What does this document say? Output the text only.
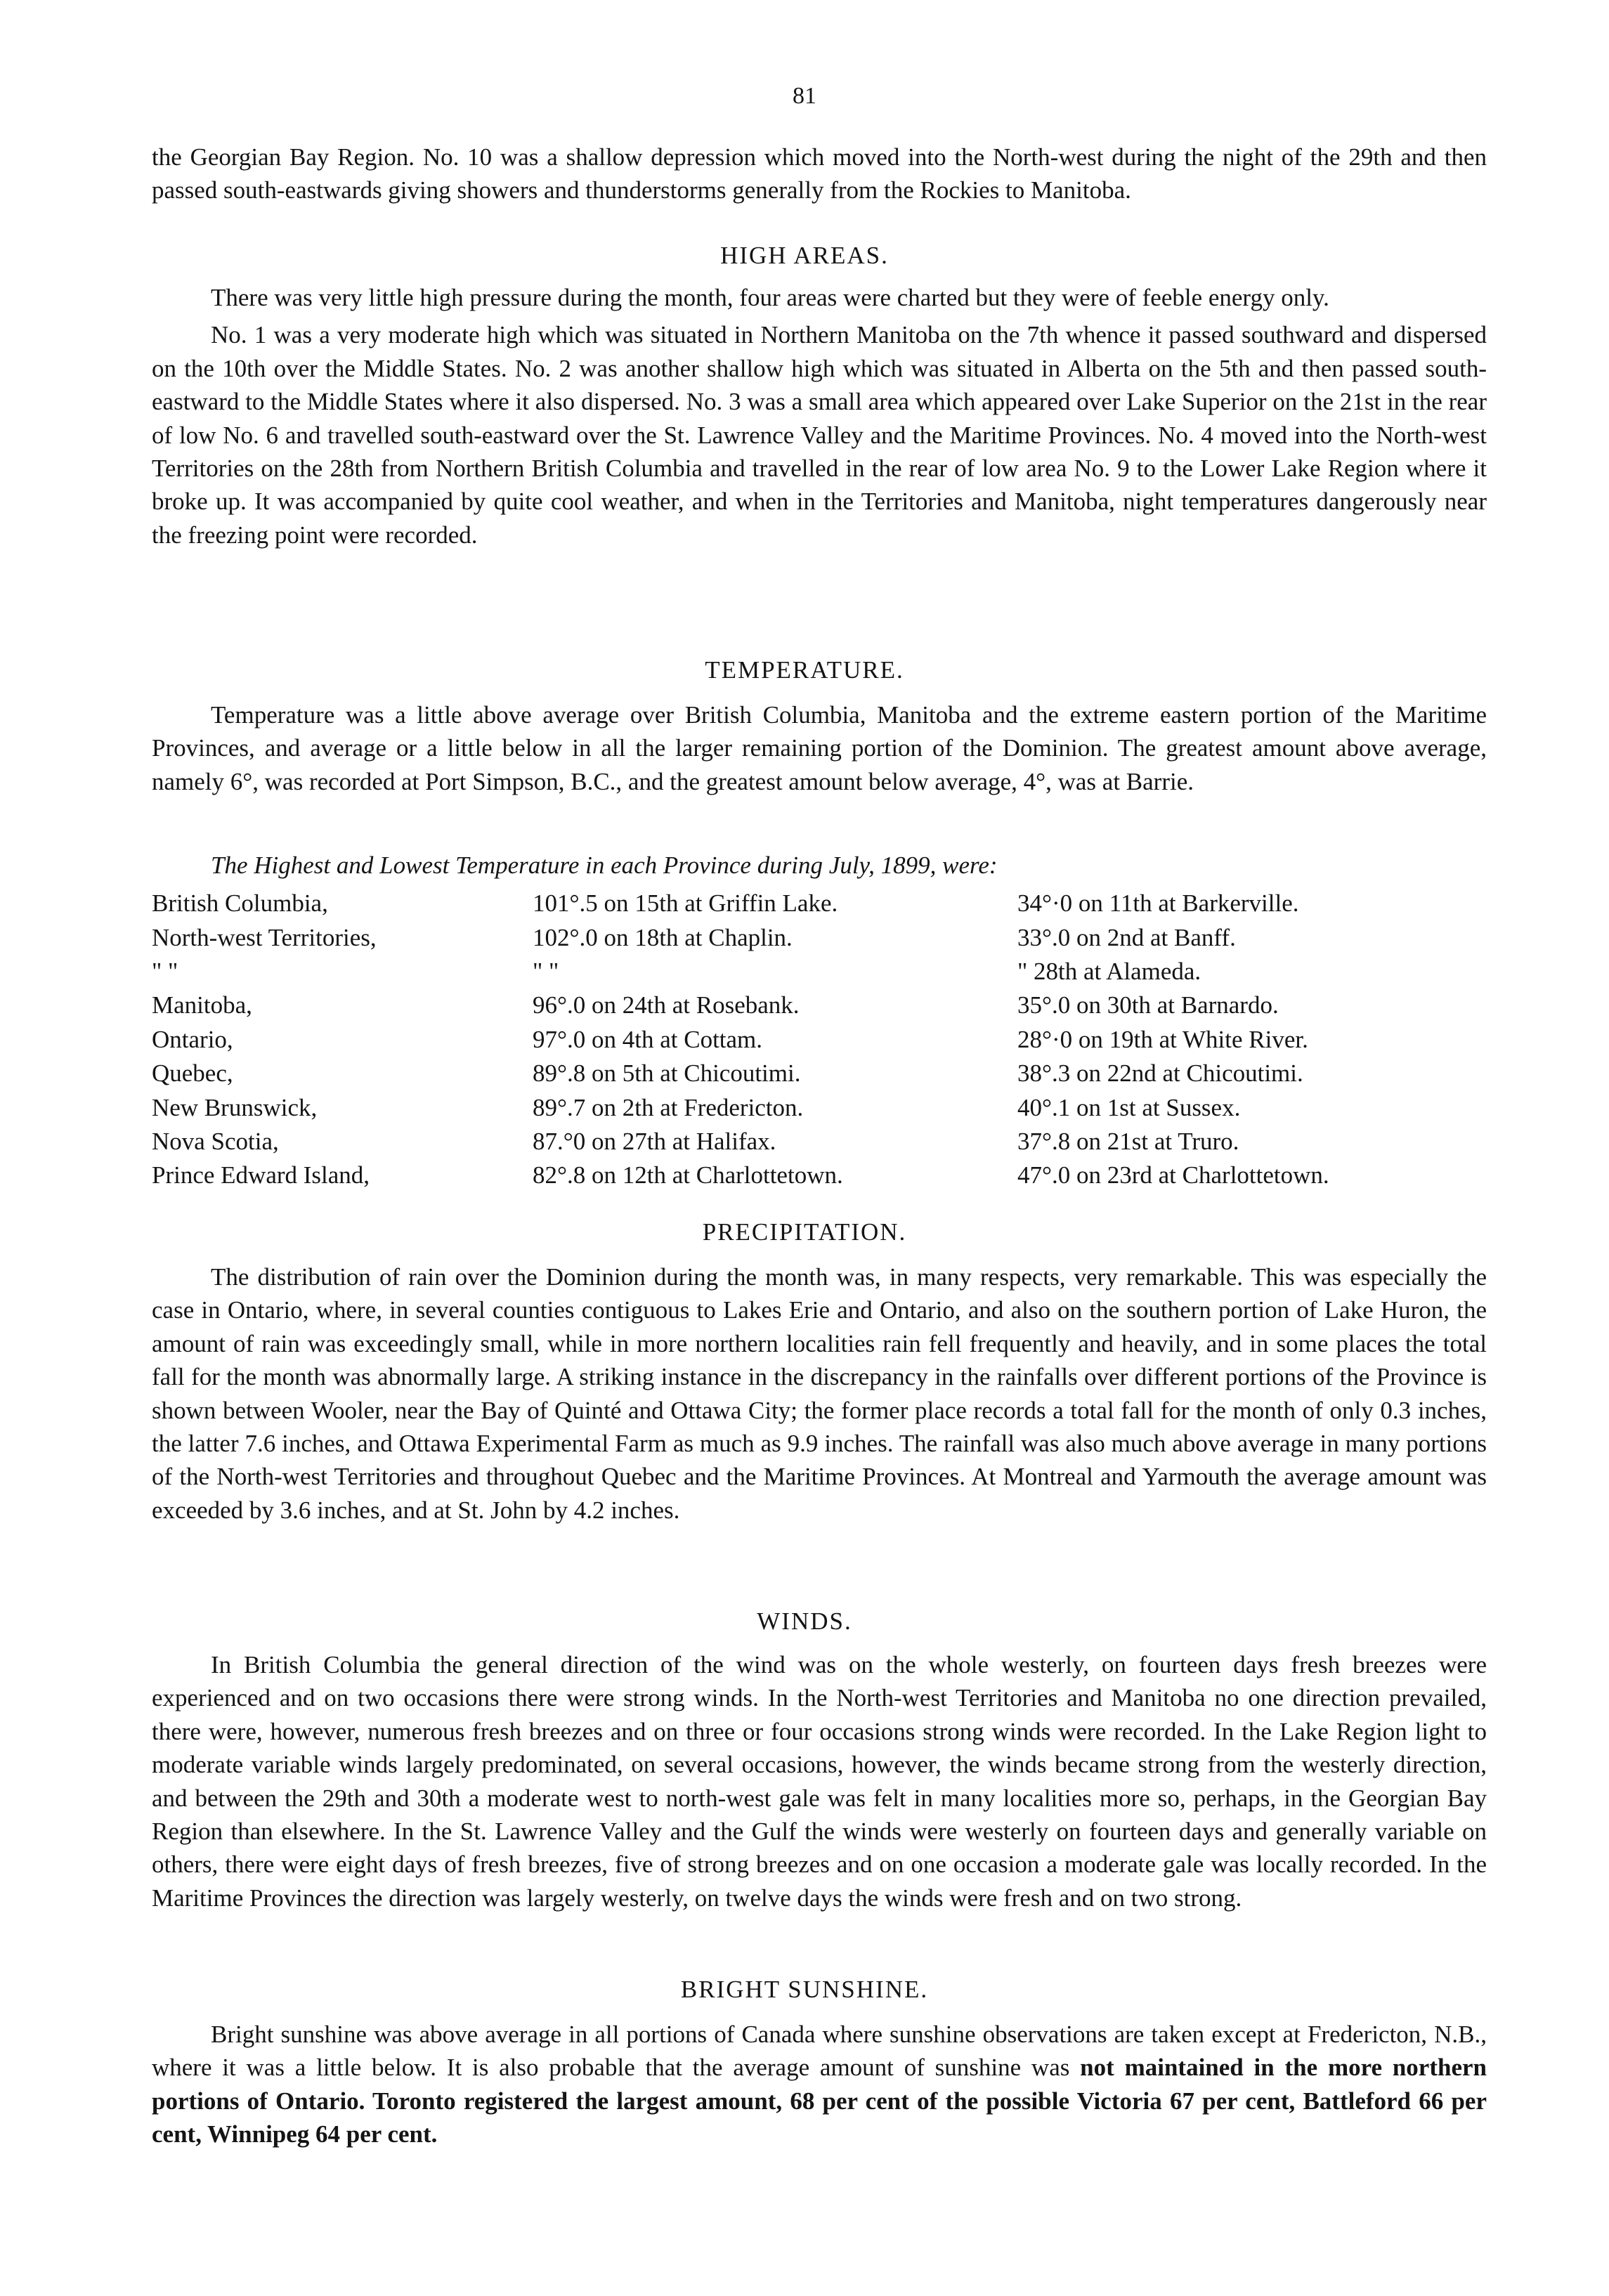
81

the Georgian Bay Region. No. 10 was a shallow depression which moved into the North-west during the night of the 29th and then passed south-eastwards giving showers and thunderstorms generally from the Rockies to Manitoba.

HIGH AREAS.

There was very little high pressure during the month, four areas were charted but they were of feeble energy only.

No. 1 was a very moderate high which was situated in Northern Manitoba on the 7th whence it passed southward and dispersed on the 10th over the Middle States. No. 2 was another shallow high which was situated in Alberta on the 5th and then passed south-eastward to the Middle States where it also dispersed. No. 3 was a small area which appeared over Lake Superior on the 21st in the rear of low No. 6 and travelled south-eastward over the St. Lawrence Valley and the Maritime Provinces. No. 4 moved into the North-west Territories on the 28th from Northern British Columbia and travelled in the rear of low area No. 9 to the Lower Lake Region where it broke up. It was accompanied by quite cool weather, and when in the Territories and Manitoba, night temperatures dangerously near the freezing point were recorded.

TEMPERATURE.

Temperature was a little above average over British Columbia, Manitoba and the extreme eastern portion of the Maritime Provinces, and average or a little below in all the larger remaining portion of the Dominion. The greatest amount above average, namely 6°, was recorded at Port Simpson, B.C., and the greatest amount below average, 4°, was at Barrie.

The Highest and Lowest Temperature in each Province during July, 1899, were:
British Columbia,	101°.5 on 15th at Griffin Lake.	34°·0 on 11th at Barkerville.
North-west Territories,	102°.0 on 18th at Chaplin.	33°.0 on 2nd at Banff.
" "	" "	" 28th at Alameda.
Manitoba,	96°.0 on 24th at Rosebank.	35°.0 on 30th at Barnardo.
Ontario,	97°.0 on 4th at Cottam.	28°·0 on 19th at White River.
Quebec,	89°.8 on 5th at Chicoutimi.	38°.3 on 22nd at Chicoutimi.
New Brunswick,	89°.7 on 2th at Fredericton.	40°.1 on 1st at Sussex.
Nova Scotia,	87.°0 on 27th at Halifax.	37°.8 on 21st at Truro.
Prince Edward Island,	82°.8 on 12th at Charlottetown.	47°.0 on 23rd at Charlottetown.
PRECIPITATION.

The distribution of rain over the Dominion during the month was, in many respects, very remarkable. This was especially the case in Ontario, where, in several counties contiguous to Lakes Erie and Ontario, and also on the southern portion of Lake Huron, the amount of rain was exceedingly small, while in more northern localities rain fell frequently and heavily, and in some places the total fall for the month was abnormally large. A striking instance in the discrepancy in the rainfalls over different portions of the Province is shown between Wooler, near the Bay of Quinté and Ottawa City; the former place records a total fall for the month of only 0.3 inches, the latter 7.6 inches, and Ottawa Experimental Farm as much as 9.9 inches. The rainfall was also much above average in many portions of the North-west Territories and throughout Quebec and the Maritime Provinces. At Montreal and Yarmouth the average amount was exceeded by 3.6 inches, and at St. John by 4.2 inches.

WINDS.

In British Columbia the general direction of the wind was on the whole westerly, on fourteen days fresh breezes were experienced and on two occasions there were strong winds. In the North-west Territories and Manitoba no one direction prevailed, there were, however, numerous fresh breezes and on three or four occasions strong winds were recorded. In the Lake Region light to moderate variable winds largely predominated, on several occasions, however, the winds became strong from the westerly direction, and between the 29th and 30th a moderate west to north-west gale was felt in many localities more so, perhaps, in the Georgian Bay Region than elsewhere. In the St. Lawrence Valley and the Gulf the winds were westerly on fourteen days and generally variable on others, there were eight days of fresh breezes, five of strong breezes and on one occasion a moderate gale was locally recorded. In the Maritime Provinces the direction was largely westerly, on twelve days the winds were fresh and on two strong.

BRIGHT SUNSHINE.

Bright sunshine was above average in all portions of Canada where sunshine observations are taken except at Fredericton, N.B., where it was a little below. It is also probable that the average amount of sunshine was not maintained in the more northern portions of Ontario. Toronto registered the largest amount, 68 per cent of the possible Victoria 67 per cent, Battleford 66 per cent, Winnipeg 64 per cent.
